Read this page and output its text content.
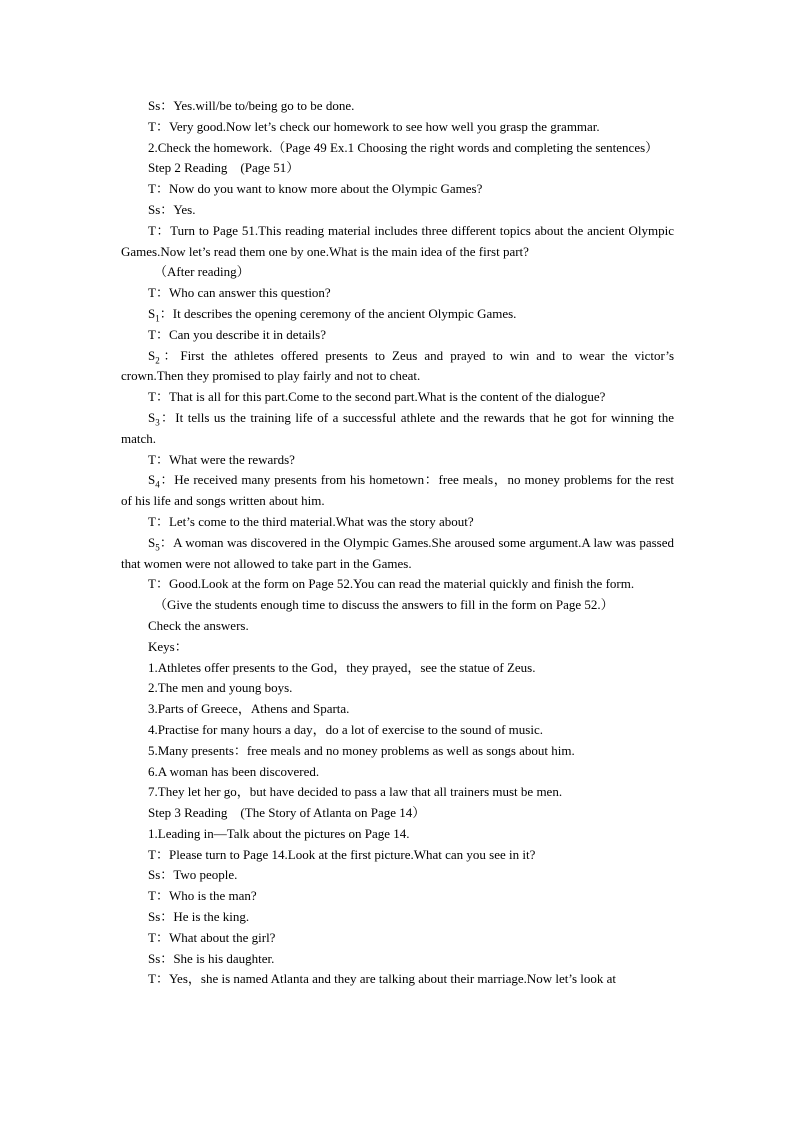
Ss：Yes.will/be to/being go to be done.

T：Very good.Now let’s check our homework to see how well you grasp the grammar.

2.Check the homework.（Page 49 Ex.1 Choosing the right words and completing the sentences）

Step 2 Reading　(Page 51）

T：Now do you want to know more about the Olympic Games?

Ss：Yes.

T：Turn to Page 51.This reading material includes three different topics about the ancient Olympic Games.Now let’s read them one by one.What is the main idea of the first part?

（After reading）

T：Who can answer this question?

$S_1$：It describes the opening ceremony of the ancient Olympic Games.

T：Can you describe it in details?

$S_2$：First the athletes offered presents to Zeus and prayed to win and to wear the victor’s crown.Then they promised to play fairly and not to cheat.

T：That is all for this part.Come to the second part.What is the content of the dialogue?

$S_3$：It tells us the training life of a successful athlete and the rewards that he got for winning the match.

T：What were the rewards?

$S_4$：He received many presents from his hometown：free meals，no money problems for the rest of his life and songs written about him.

T：Let’s come to the third material.What was the story about?

$S_5$：A woman was discovered in the Olympic Games.She aroused some argument.A law was passed that women were not allowed to take part in the Games.

T：Good.Look at the form on Page 52.You can read the material quickly and finish the form.

（Give the students enough time to discuss the answers to fill in the form on Page 52.）

Check the answers.

Keys：

1.Athletes offer presents to the God，they prayed，see the statue of Zeus.

2.The men and young boys.

3.Parts of Greece，Athens and Sparta.

4.Practise for many hours a day，do a lot of exercise to the sound of music.

5.Many presents：free meals and no money problems as well as songs about him.

6.A woman has been discovered.

7.They let her go，but have decided to pass a law that all trainers must be men.

Step 3 Reading　(The Story of Atlanta on Page 14）

1.Leading in—Talk about the pictures on Page 14.

T：Please turn to Page 14.Look at the first picture.What can you see in it?

Ss：Two people.

T：Who is the man?

Ss：He is the king.

T：What about the girl?

Ss：She is his daughter.

T：Yes，she is named Atlanta and they are talking about their marriage.Now let’s look at
